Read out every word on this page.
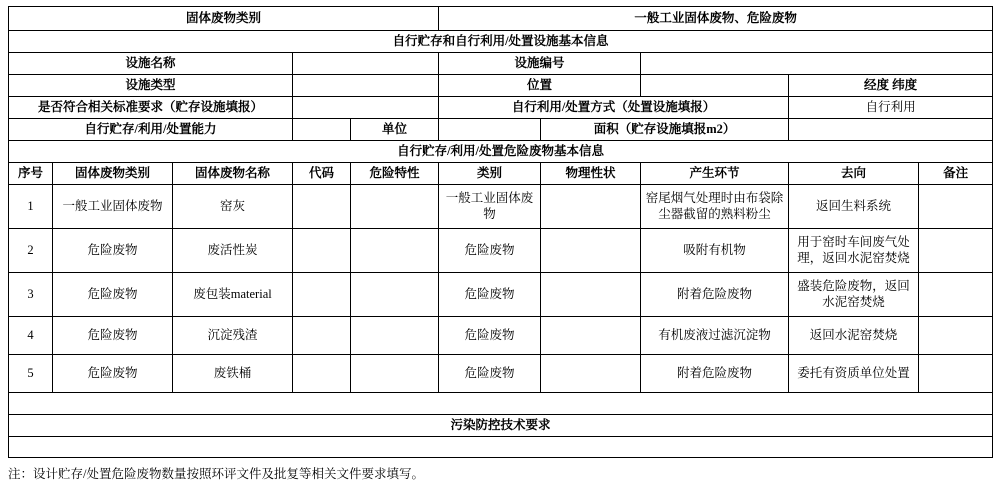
固体废物类别					一般工业固体废物、危险废物				
自行贮存和自行利用/处置设施基本信息									
设施名称					设施编号				
设施类型					位置			经度 纬度	
是否符合相关标准要求（贮存设施填报）					自行利用/处置方式（处置设施填报）			自行利用	
自行贮存/利用/处置能力				单位		面积（贮存设施填报m2）			
自行贮存/利用/处置危险废物基本信息									
序号	固体废物类别	固体废物名称	代码	危险特性	类别	物理性状	产生环节	去向	备注
1	一般工业固体废物	窑灰			一般工业固体废物		窑尾烟气处理时由布袋除尘器截留的熟料粉尘	返回生料系统	
2	危险废物	废活性炭			危险废物		吸附有机物	用于窑时车间废气处理，返回水泥窑焚烧	
3	危险废物	废包装material			危险废物		附着危险废物	盛装危险废物，返回水泥窑焚烧	
4	危险废物	沉淀残渣			危险废物		有机废液过滤沉淀物	返回水泥窑焚烧	
5	危险废物	废铁桶			危险废物		附着危险废物	委托有资质单位处置	

污染防控技术要求									

注：设计贮存/处置危险废物数量按照环评文件及批复等相关文件要求填写。
